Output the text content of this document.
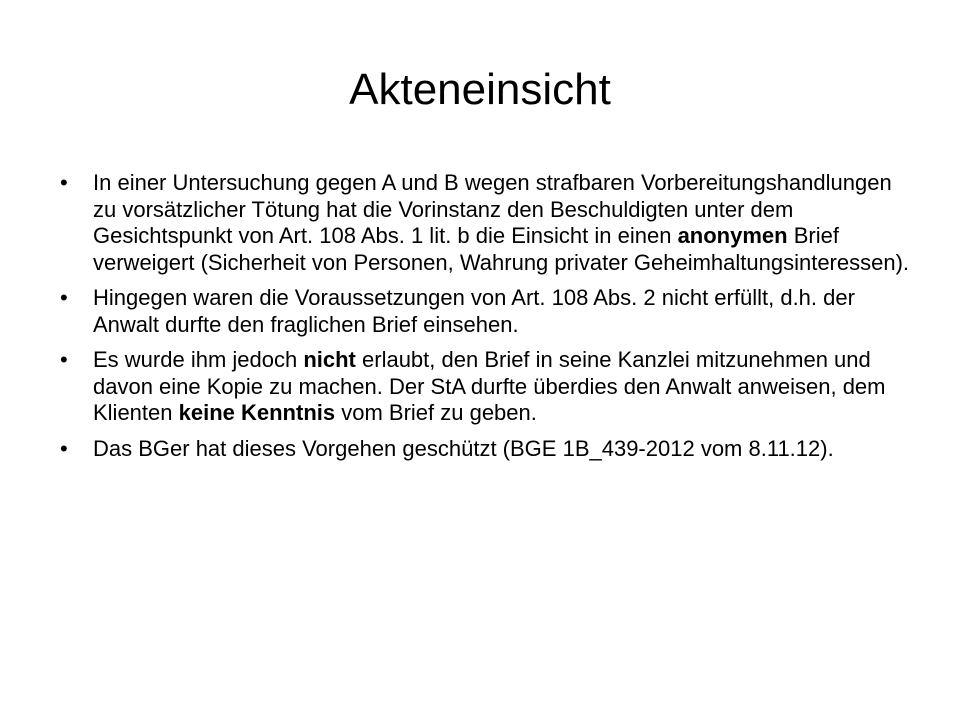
Akteneinsicht
• In einer Untersuchung gegen A und B wegen strafbaren Vorbereitungshandlungen zu vorsätzlicher Tötung hat die Vorinstanz den Beschuldigten unter dem Gesichtspunkt von Art. 108 Abs. 1 lit. b die Einsicht in einen anonymen Brief verweigert (Sicherheit von Personen, Wahrung privater Geheimhaltungsinteressen).
• Hingegen waren die Voraussetzungen von Art. 108 Abs. 2 nicht erfüllt, d.h. der Anwalt durfte den fraglichen Brief einsehen.
• Es wurde ihm jedoch nicht erlaubt, den Brief in seine Kanzlei mitzunehmen und davon eine Kopie zu machen. Der StA durfte überdies den Anwalt anweisen, dem Klienten keine Kenntnis vom Brief zu geben.
• Das BGer hat dieses Vorgehen geschützt (BGE 1B_439-2012 vom 8.11.12).
